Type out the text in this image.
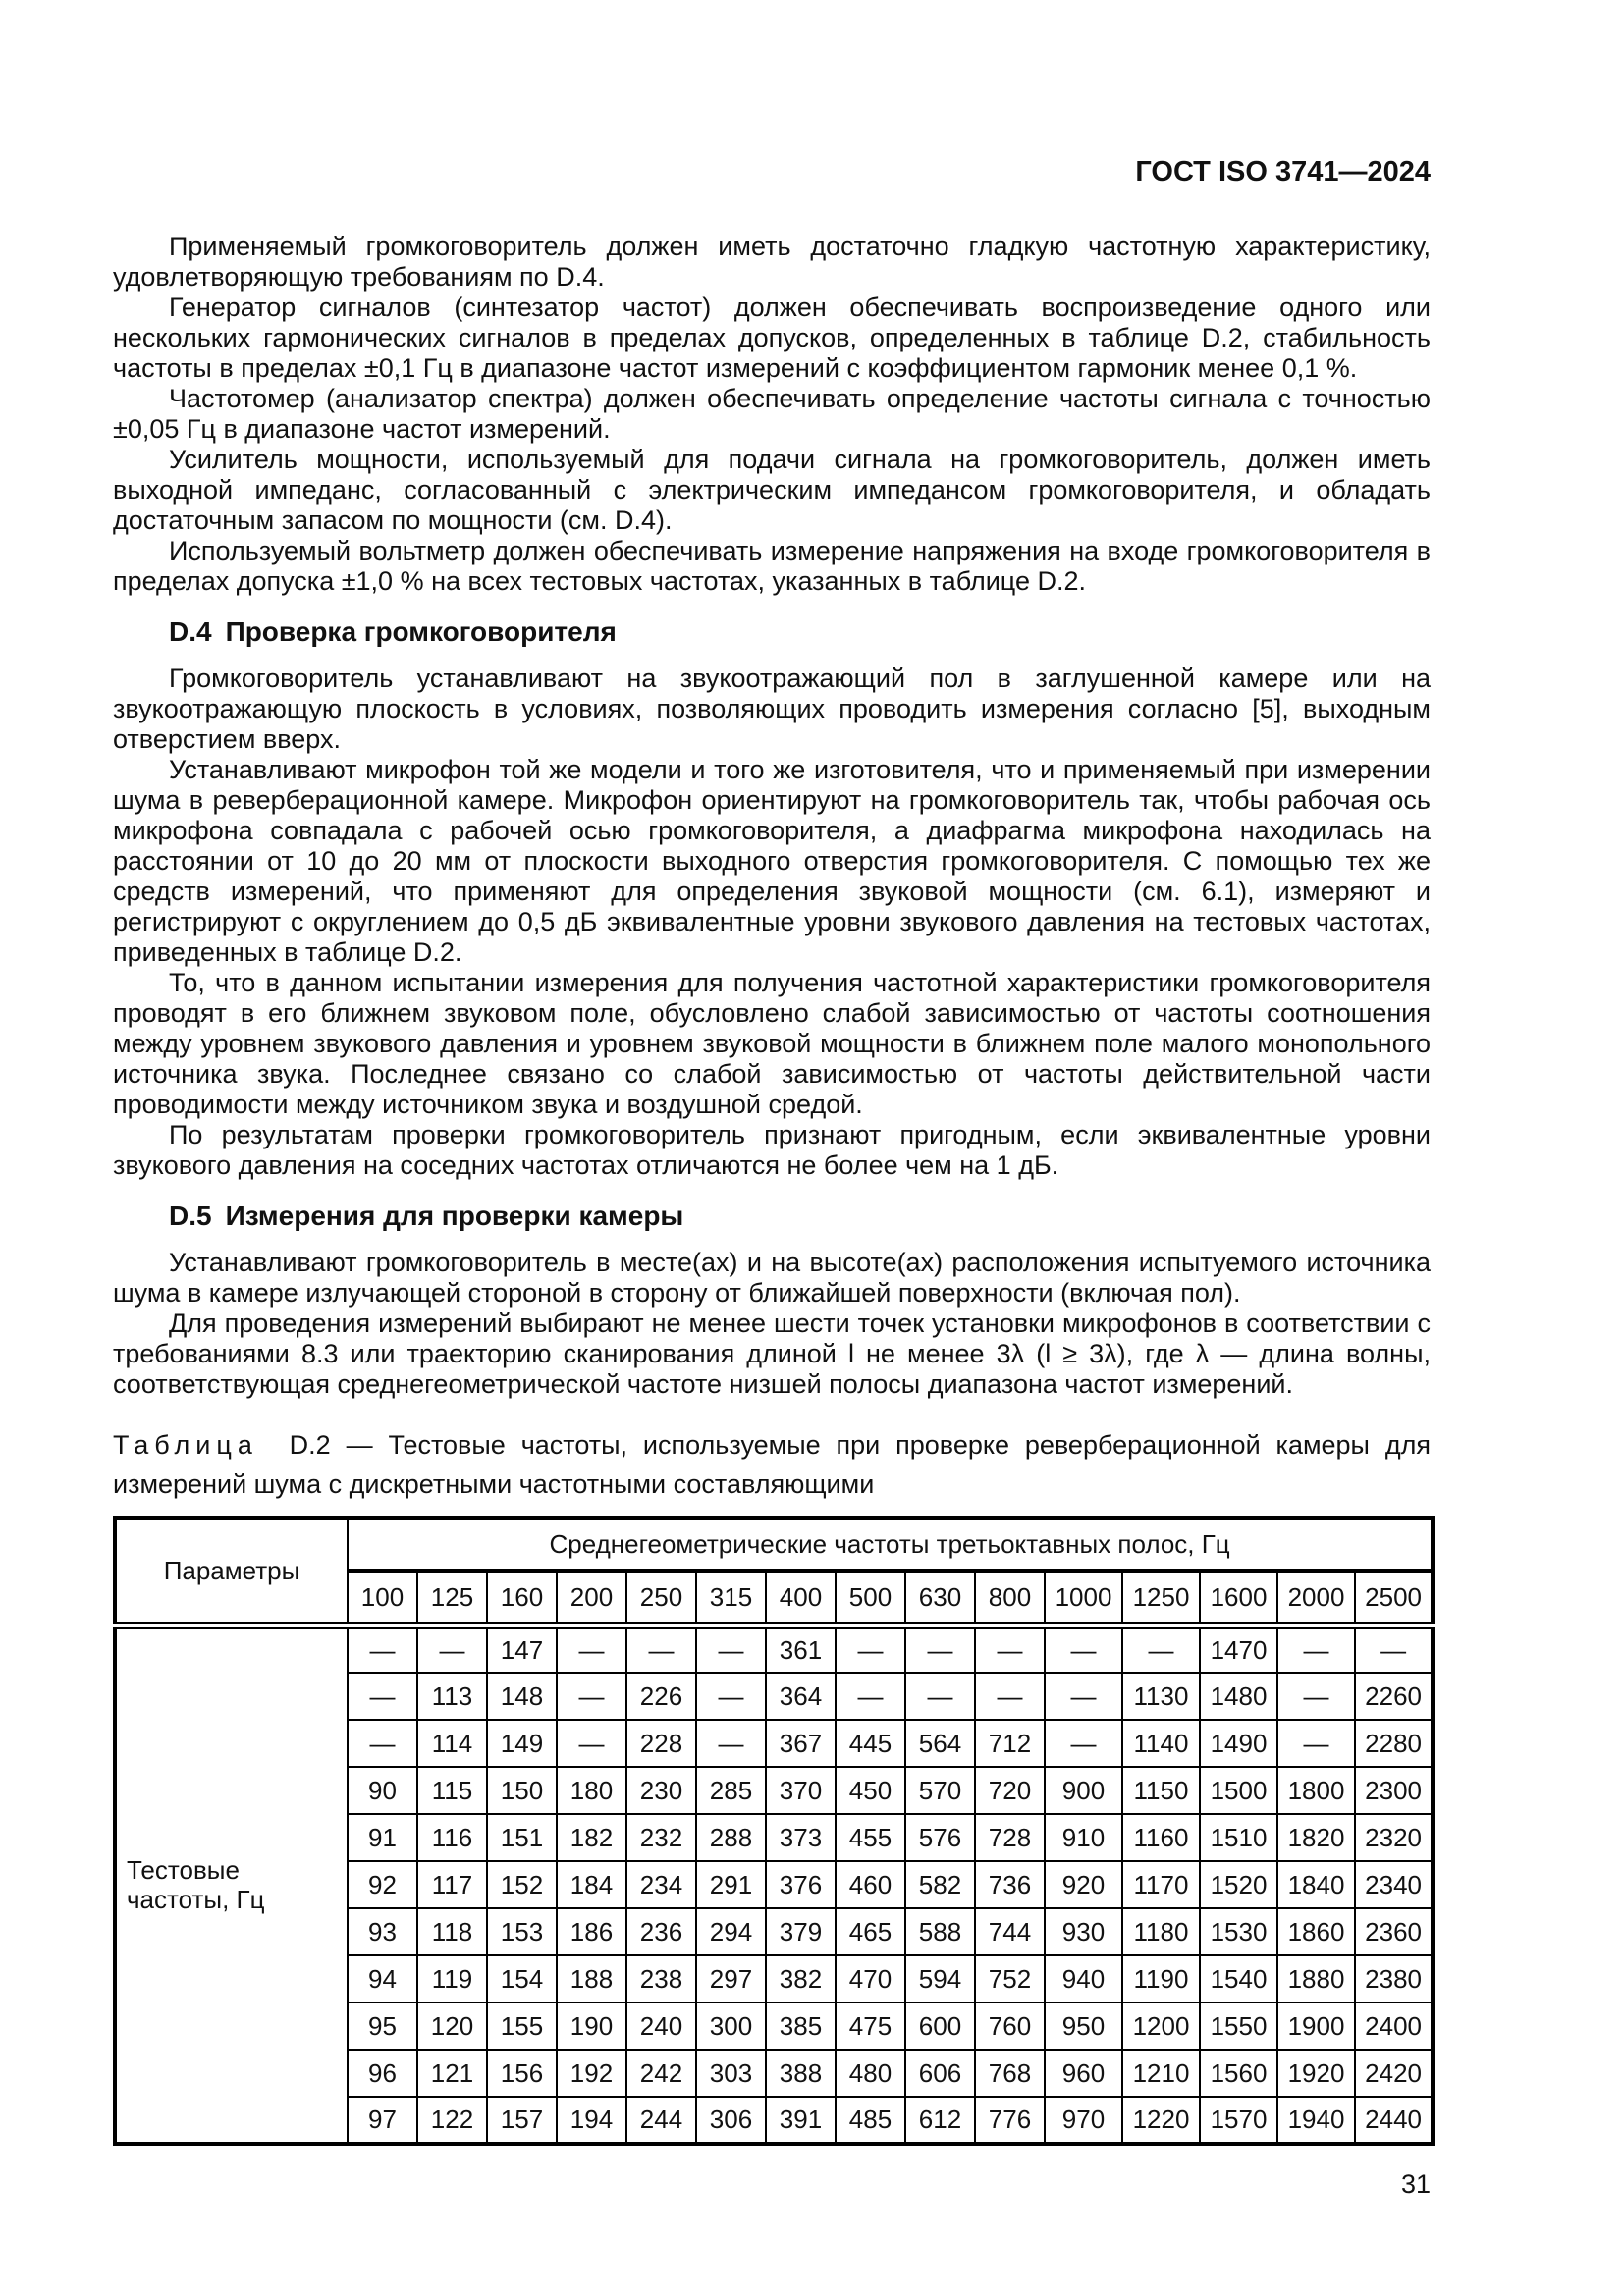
ГОСТ ISO 3741—2024

Применяемый громкоговоритель должен иметь достаточно гладкую частотную характеристику, удовлетворяющую требованиям по D.4.

Генератор сигналов (синтезатор частот) должен обеспечивать воспроизведение одного или нескольких гармонических сигналов в пределах допусков, определенных в таблице D.2, стабильность частоты в пределах ±0,1 Гц в диапазоне частот измерений с коэффициентом гармоник менее 0,1 %.

Частотомер (анализатор спектра) должен обеспечивать определение частоты сигнала с точностью ±0,05 Гц в диапазоне частот измерений.

Усилитель мощности, используемый для подачи сигнала на громкоговоритель, должен иметь выходной импеданс, согласованный с электрическим импедансом громкоговорителя, и обладать достаточным запасом по мощности (см. D.4).

Используемый вольтметр должен обеспечивать измерение напряжения на входе громкоговорителя в пределах допуска ±1,0 % на всех тестовых частотах, указанных в таблице D.2.

D.4 Проверка громкоговорителя

Громкоговоритель устанавливают на звукоотражающий пол в заглушенной камере или на звукоотражающую плоскость в условиях, позволяющих проводить измерения согласно [5], выходным отверстием вверх.

Устанавливают микрофон той же модели и того же изготовителя, что и применяемый при измерении шума в реверберационной камере. Микрофон ориентируют на громкоговоритель так, чтобы рабочая ось микрофона совпадала с рабочей осью громкоговорителя, а диафрагма микрофона находилась на расстоянии от 10 до 20 мм от плоскости выходного отверстия громкоговорителя. С помощью тех же средств измерений, что применяют для определения звуковой мощности (см. 6.1), измеряют и регистрируют с округлением до 0,5 дБ эквивалентные уровни звукового давления на тестовых частотах, приведенных в таблице D.2.

То, что в данном испытании измерения для получения частотной характеристики громкоговорителя проводят в его ближнем звуковом поле, обусловлено слабой зависимостью от частоты соотношения между уровнем звукового давления и уровнем звуковой мощности в ближнем поле малого монопольного источника звука. Последнее связано со слабой зависимостью от частоты действительной части проводимости между источником звука и воздушной средой.

По результатам проверки громкоговоритель признают пригодным, если эквивалентные уровни звукового давления на соседних частотах отличаются не более чем на 1 дБ.

D.5 Измерения для проверки камеры

Устанавливают громкоговоритель в месте(ах) и на высоте(ах) расположения испытуемого источника шума в камере излучающей стороной в сторону от ближайшей поверхности (включая пол).

Для проведения измерений выбирают не менее шести точек установки микрофонов в соответствии с требованиями 8.3 или траекторию сканирования длиной l не менее 3λ (l ≥ 3λ), где λ — длина волны, соответствующая среднегеометрической частоте низшей полосы диапазона частот измерений.

Таблица D.2 — Тестовые частоты, используемые при проверке реверберационной камеры для измерений шума с дискретными частотными составляющими

Параметры	Среднегеометрические частоты третьоктавных полос, Гц														
	100	125	160	200	250	315	400	500	630	800	1000	1250	1600	2000	2500
Тестовые частоты, Гц	—	—	147	—	—	—	361	—	—	—	—	—	1470	—	—
	—	113	148	—	226	—	364	—	—	—	—	1130	1480	—	2260
	—	114	149	—	228	—	367	445	564	712	—	1140	1490	—	2280
	90	115	150	180	230	285	370	450	570	720	900	1150	1500	1800	2300
	91	116	151	182	232	288	373	455	576	728	910	1160	1510	1820	2320
	92	117	152	184	234	291	376	460	582	736	920	1170	1520	1840	2340
	93	118	153	186	236	294	379	465	588	744	930	1180	1530	1860	2360
	94	119	154	188	238	297	382	470	594	752	940	1190	1540	1880	2380
	95	120	155	190	240	300	385	475	600	760	950	1200	1550	1900	2400
	96	121	156	192	242	303	388	480	606	768	960	1210	1560	1920	2420
	97	122	157	194	244	306	391	485	612	776	970	1220	1570	1940	2440

31
